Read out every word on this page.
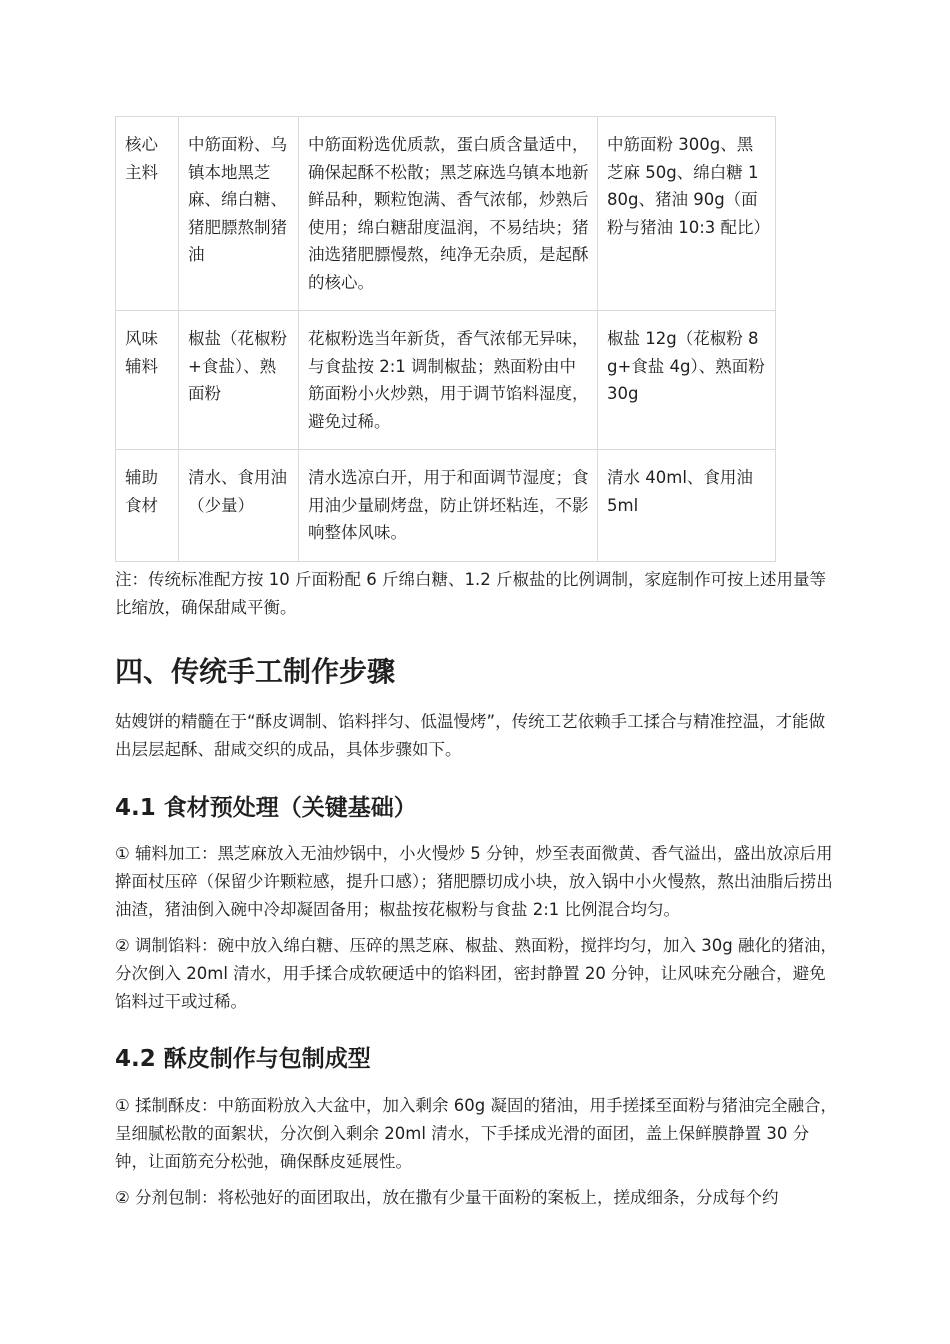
核心主料	中筋面粉、乌镇本地黑芝麻、绵白糖、猪肥膘熬制猪油	中筋面粉选优质款，蛋白质含量适中，确保起酥不松散；黑芝麻选乌镇本地新鲜品种，颗粒饱满、香气浓郁，炒熟后使用；绵白糖甜度温润，不易结块；猪油选猪肥膘慢熬，纯净无杂质，是起酥的核心。	中筋面粉 300g、黑芝麻 50g、绵白糖 180g、猪油 90g（面粉与猪油 10:3 配比）
风味辅料	椒盐（花椒粉+食盐）、熟面粉	花椒粉选当年新货，香气浓郁无异味，与食盐按 2:1 调制椒盐；熟面粉由中筋面粉小火炒熟，用于调节馅料湿度，避免过稀。	椒盐 12g（花椒粉 8g+食盐 4g）、熟面粉 30g
辅助食材	清水、食用油（少量）	清水选凉白开，用于和面调节湿度；食用油少量刷烤盘，防止饼坯粘连，不影响整体风味。	清水 40ml、食用油 5ml

注：传统标准配方按 10 斤面粉配 6 斤绵白糖、1.2 斤椒盐的比例调制，家庭制作可按上述用量等比缩放，确保甜咸平衡。

四、传统手工制作步骤

姑嫂饼的精髓在于“酥皮调制、馅料拌匀、低温慢烤”，传统工艺依赖手工揉合与精准控温，才能做出层层起酥、甜咸交织的成品，具体步骤如下。

4.1 食材预处理（关键基础）

① 辅料加工：黑芝麻放入无油炒锅中，小火慢炒 5 分钟，炒至表面微黄、香气溢出，盛出放凉后用擀面杖压碎（保留少许颗粒感，提升口感）；猪肥膘切成小块，放入锅中小火慢熬，熬出油脂后捞出油渣，猪油倒入碗中冷却凝固备用；椒盐按花椒粉与食盐 2:1 比例混合均匀。

② 调制馅料：碗中放入绵白糖、压碎的黑芝麻、椒盐、熟面粉，搅拌均匀，加入 30g 融化的猪油，分次倒入 20ml 清水，用手揉合成软硬适中的馅料团，密封静置 20 分钟，让风味充分融合，避免馅料过干或过稀。

4.2 酥皮制作与包制成型

① 揉制酥皮：中筋面粉放入大盆中，加入剩余 60g 凝固的猪油，用手搓揉至面粉与猪油完全融合，呈细腻松散的面絮状，分次倒入剩余 20ml 清水，下手揉成光滑的面团，盖上保鲜膜静置 30 分钟，让面筋充分松弛，确保酥皮延展性。

② 分剂包制：将松弛好的面团取出，放在撒有少量干面粉的案板上，搓成细条，分成每个约
